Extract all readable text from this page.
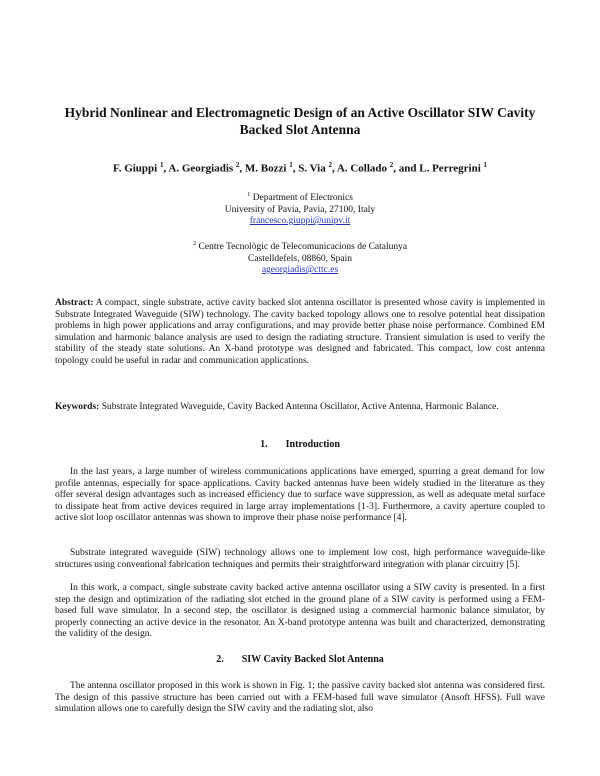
Hybrid Nonlinear and Electromagnetic Design of an Active Oscillator SIW Cavity Backed Slot Antenna
F. Giuppi $^1$, A. Georgiadis $^2$, M. Bozzi $^1$, S. Via $^2$, A. Collado $^2$, and L. Perregrini $^1$
$^1$ Department of Electronics
University of Pavia, Pavia, 27100, Italy
francesco.giuppi@unipv.it
$^2$ Centre Tecnològic de Telecomunicacions de Catalunya
Castelldefels, 08860, Spain
ageorgiadis@cttc.es

Abstract: A compact, single substrate, active cavity backed slot antenna oscillator is presented whose cavity is implemented in Substrate Integrated Waveguide (SIW) technology. The cavity backed topology allows one to resolve potential heat dissipation problems in high power applications and array configurations, and may provide better phase noise performance. Combined EM simulation and harmonic balance analysis are used to design the radiating structure. Transient simulation is used to verify the stability of the steady state solutions. An X-band prototype was designed and fabricated. This compact, low cost antenna topology could be useful in radar and communication applications.

Keywords: Substrate Integrated Waveguide, Cavity Backed Antenna Oscillator, Active Antenna, Harmonic Balance.

1. Introduction

In the last years, a large number of wireless communications applications have emerged, spurring a great demand for low profile antennas, especially for space applications. Cavity backed antennas have been widely studied in the literature as they offer several design advantages such as increased efficiency due to surface wave suppression, as well as adequate metal surface to dissipate heat from active devices required in large array implementations [1-3]. Furthermore, a cavity aperture coupled to active slot loop oscillator antennas was shown to improve their phase noise performance [4].

Substrate integrated waveguide (SIW) technology allows one to implement low cost, high performance waveguide-like structures using conventional fabrication techniques and permits their straightforward integration with planar circuitry [5].

In this work, a compact, single substrate cavity backed active antenna oscillator using a SIW cavity is presented. In a first step the design and optimization of the radiating slot etched in the ground plane of a SIW cavity is performed using a FEM-based full wave simulator. In a second step, the oscillator is designed using a commercial harmonic balance simulator, by properly connecting an active device in the resonator. An X-band prototype antenna was built and characterized, demonstrating the validity of the design.

2. SIW Cavity Backed Slot Antenna

The antenna oscillator proposed in this work is shown in Fig. 1; the passive cavity backed slot antenna was considered first. The design of this passive structure has been carried out with a FEM-based full wave simulator (Ansoft HFSS). Full wave simulation allows one to carefully design the SIW cavity and the radiating slot, also
